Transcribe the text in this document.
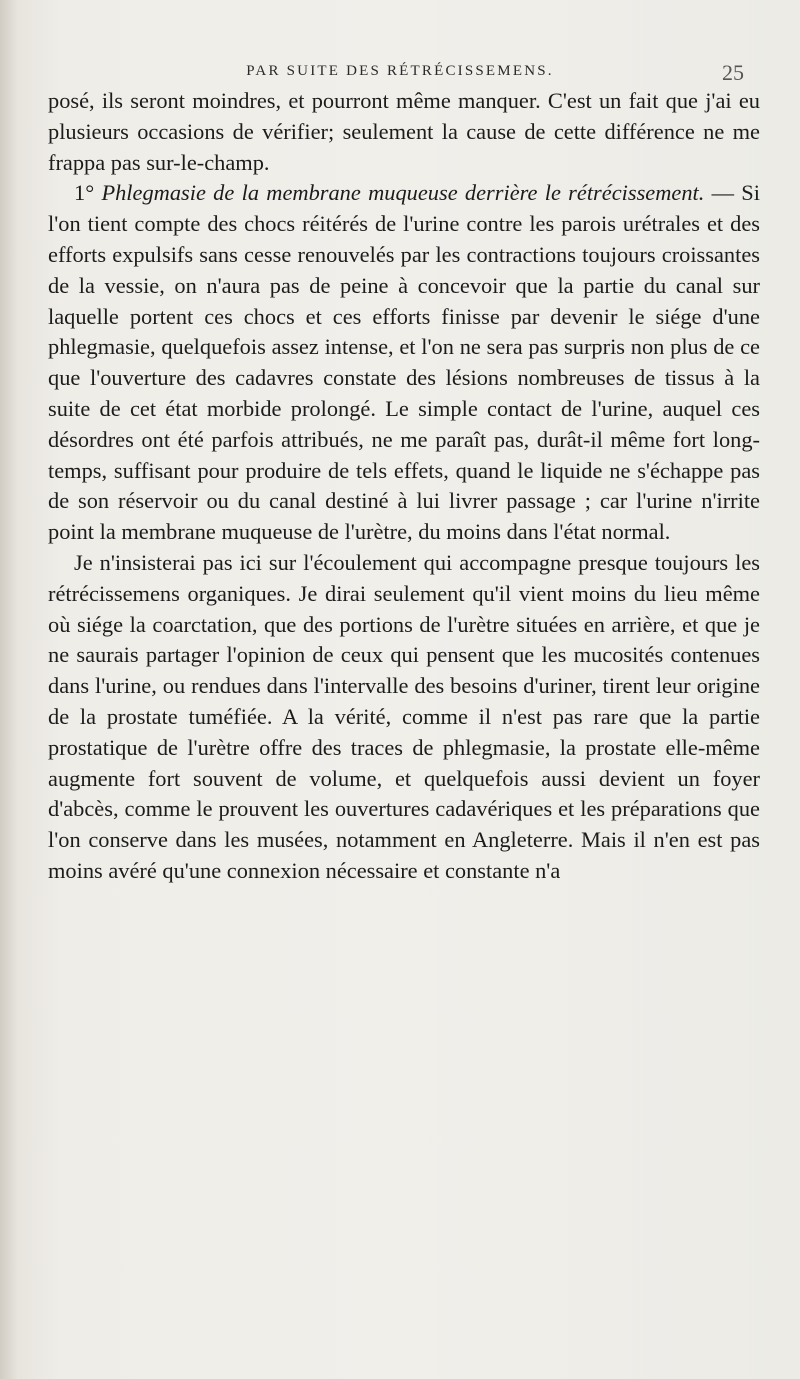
PAR SUITE DES RÉTRÉCISSEMENS.	25

posé, ils seront moindres, et pourront même manquer. C'est un fait que j'ai eu plusieurs occasions de vérifier; seulement la cause de cette différence ne me frappa pas sur-le-champ.

1° Phlegmasie de la membrane muqueuse derrière le rétrécissement. — Si l'on tient compte des chocs réitérés de l'urine contre les parois urétrales et des efforts expulsifs sans cesse renouvelés par les contractions toujours croissantes de la vessie, on n'aura pas de peine à concevoir que la partie du canal sur laquelle portent ces chocs et ces efforts finisse par devenir le siége d'une phlegmasie, quelquefois assez intense, et l'on ne sera pas surpris non plus de ce que l'ouverture des cadavres constate des lésions nombreuses de tissus à la suite de cet état morbide prolongé. Le simple contact de l'urine, auquel ces désordres ont été parfois attribués, ne me paraît pas, durât-il même fort long-temps, suffisant pour produire de tels effets, quand le liquide ne s'échappe pas de son réservoir ou du canal destiné à lui livrer passage ; car l'urine n'irrite point la membrane muqueuse de l'urètre, du moins dans l'état normal.

Je n'insisterai pas ici sur l'écoulement qui accompagne presque toujours les rétrécissemens organiques. Je dirai seulement qu'il vient moins du lieu même où siége la coarctation, que des portions de l'urètre situées en arrière, et que je ne saurais partager l'opinion de ceux qui pensent que les mucosités contenues dans l'urine, ou rendues dans l'intervalle des besoins d'uriner, tirent leur origine de la prostate tuméfiée. A la vérité, comme il n'est pas rare que la partie prostatique de l'urètre offre des traces de phlegmasie, la prostate elle-même augmente fort souvent de volume, et quelquefois aussi devient un foyer d'abcès, comme le prouvent les ouvertures cadavériques et les préparations que l'on conserve dans les musées, notamment en Angleterre. Mais il n'en est pas moins avéré qu'une connexion nécessaire et constante n'a
